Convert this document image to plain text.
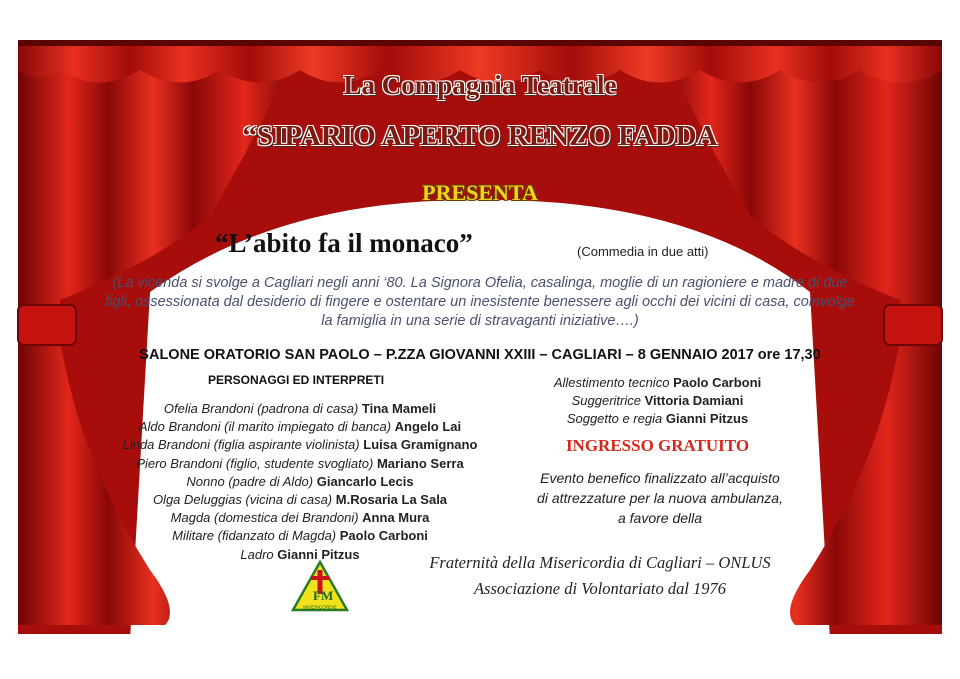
La Compagnia Teatrale
“SIPARIO APERTO RENZO FADDA
PRESENTA
“L’abito fa il monaco”	(Commedia in due atti)
(La vicenda si svolge a Cagliari negli anni ‘80. La Signora Ofelia, casalinga, moglie di un ragioniere e madre di due figli, ossessionata dal desiderio di fingere e ostentare un inesistente benessere agli occhi dei vicini di casa, coinvolge la famiglia in una serie di stravaganti iniziative….)
SALONE ORATORIO SAN PAOLO – P.ZZA GIOVANNI XXIII – CAGLIARI – 8 GENNAIO 2017 ore 17,30
PERSONAGGI ED INTERPRETI
Ofelia Brandoni (padrona di casa) Tina Mameli
Aldo Brandoni (il marito impiegato di banca) Angelo Lai
Linda Brandoni (figlia aspirante violinista) Luisa Gramignano
Piero Brandoni (figlio, studente svogliato) Mariano Serra
Nonno (padre di Aldo) Giancarlo Lecis
Olga Deluggias (vicina di casa) M.Rosaria La Sala
Magda (domestica dei Brandoni) Anna Mura
Militare (fidanzato di Magda) Paolo Carboni
Ladro Gianni Pitzus
Allestimento tecnico Paolo Carboni
Suggeritrice Vittoria Damiani
Soggetto e regia Gianni Pitzus
INGRESSO GRATUITO
Evento benefico finalizzato all’acquisto
di attrezzature per la nuova ambulanza,
a favore della
FM
MISERICORDIE
Fraternità della Misericordia di Cagliari – ONLUS
Associazione di Volontariato dal 1976
